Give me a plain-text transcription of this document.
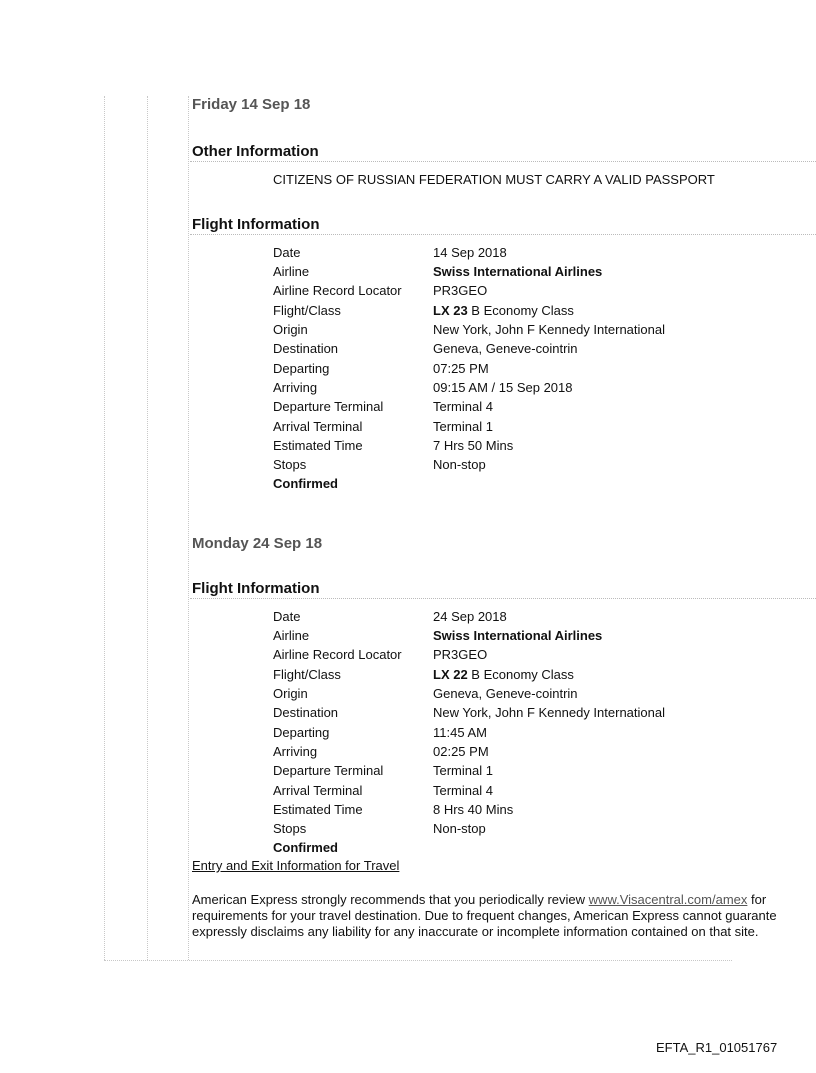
Friday 14 Sep 18
Other Information
CITIZENS OF RUSSIAN FEDERATION MUST CARRY A VALID PASSPORT
Flight Information
Date	14 Sep 2018
Airline	Swiss International Airlines
Airline Record Locator	PR3GEO
Flight/Class	LX 23 B Economy Class
Origin	New York, John F Kennedy International
Destination	Geneva, Geneve-cointrin
Departing	07:25 PM
Arriving	09:15 AM / 15 Sep 2018
Departure Terminal	Terminal 4
Arrival Terminal	Terminal 1
Estimated Time	7 Hrs 50 Mins
Stops	Non-stop
Confirmed
Monday 24 Sep 18
Flight Information
Date	24 Sep 2018
Airline	Swiss International Airlines
Airline Record Locator	PR3GEO
Flight/Class	LX 22 B Economy Class
Origin	Geneva, Geneve-cointrin
Destination	New York, John F Kennedy International
Departing	11:45 AM
Arriving	02:25 PM
Departure Terminal	Terminal 1
Arrival Terminal	Terminal 4
Estimated Time	8 Hrs 40 Mins
Stops	Non-stop
Confirmed
Entry and Exit Information for Travel
American Express strongly recommends that you periodically review www.Visacentral.com/amex for
requirements for your travel destination. Due to frequent changes, American Express cannot guarante
expressly disclaims any liability for any inaccurate or incomplete information contained on that site.
EFTA_R1_01051767
